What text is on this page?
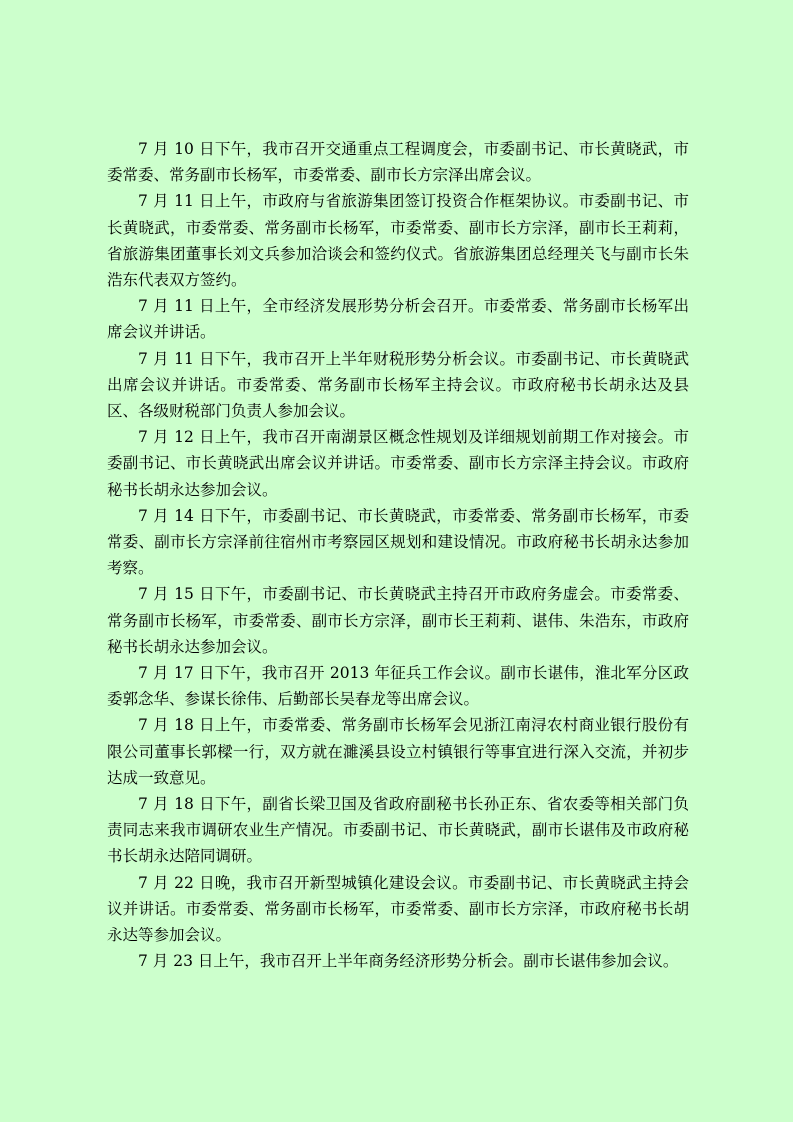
7 月 10 日下午，我市召开交通重点工程调度会，市委副书记、市长黄晓武，市委常委、常务副市长杨军，市委常委、副市长方宗泽出席会议。

7 月 11 日上午，市政府与省旅游集团签订投资合作框架协议。市委副书记、市长黄晓武，市委常委、常务副市长杨军，市委常委、副市长方宗泽，副市长王莉莉，省旅游集团董事长刘文兵参加洽谈会和签约仪式。省旅游集团总经理关飞与副市长朱浩东代表双方签约。

7 月 11 日上午，全市经济发展形势分析会召开。市委常委、常务副市长杨军出席会议并讲话。

7 月 11 日下午，我市召开上半年财税形势分析会议。市委副书记、市长黄晓武出席会议并讲话。市委常委、常务副市长杨军主持会议。市政府秘书长胡永达及县区、各级财税部门负责人参加会议。

7 月 12 日上午，我市召开南湖景区概念性规划及详细规划前期工作对接会。市委副书记、市长黄晓武出席会议并讲话。市委常委、副市长方宗泽主持会议。市政府秘书长胡永达参加会议。

7 月 14 日下午，市委副书记、市长黄晓武，市委常委、常务副市长杨军，市委常委、副市长方宗泽前往宿州市考察园区规划和建设情况。市政府秘书长胡永达参加考察。

7 月 15 日下午，市委副书记、市长黄晓武主持召开市政府务虚会。市委常委、常务副市长杨军，市委常委、副市长方宗泽，副市长王莉莉、谌伟、朱浩东，市政府秘书长胡永达参加会议。

7 月 17 日下午，我市召开 2013 年征兵工作会议。副市长谌伟，淮北军分区政委郭念华、参谋长徐伟、后勤部长吴春龙等出席会议。

7 月 18 日上午，市委常委、常务副市长杨军会见浙江南浔农村商业银行股份有限公司董事长郭樑一行，双方就在濉溪县设立村镇银行等事宜进行深入交流，并初步达成一致意见。

7 月 18 日下午，副省长梁卫国及省政府副秘书长孙正东、省农委等相关部门负责同志来我市调研农业生产情况。市委副书记、市长黄晓武，副市长谌伟及市政府秘书长胡永达陪同调研。

7 月 22 日晚，我市召开新型城镇化建设会议。市委副书记、市长黄晓武主持会议并讲话。市委常委、常务副市长杨军，市委常委、副市长方宗泽，市政府秘书长胡永达等参加会议。

7 月 23 日上午，我市召开上半年商务经济形势分析会。副市长谌伟参加会议。
